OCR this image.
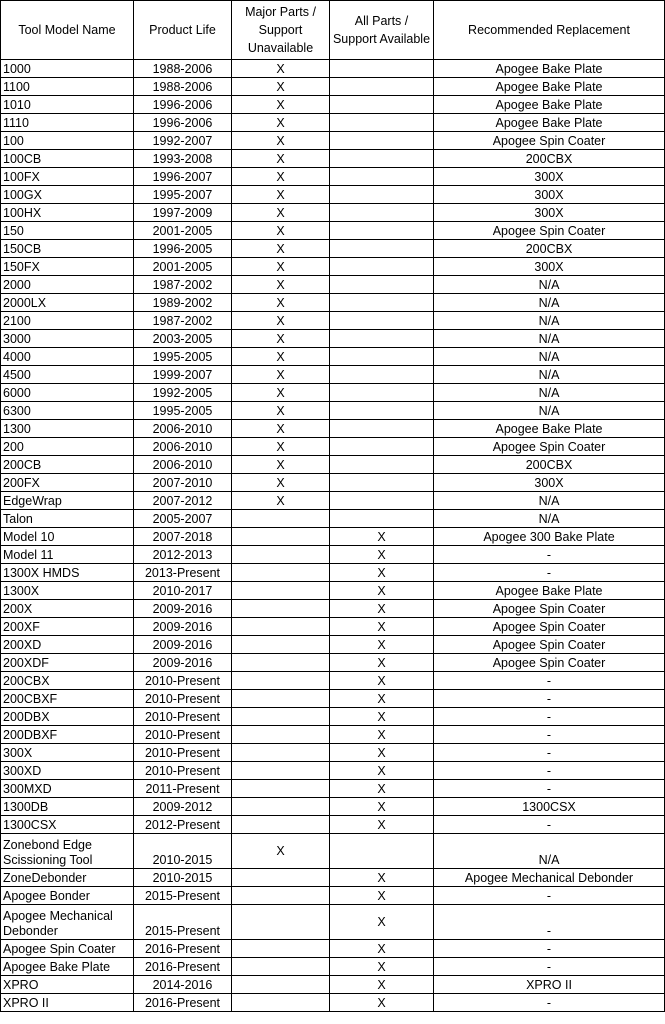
Tool Model Name	Product Life	Major Parts / Support Unavailable	All Parts / Support Available	Recommended Replacement
1000	1988-2006	X		Apogee Bake Plate
1100	1988-2006	X		Apogee Bake Plate
1010	1996-2006	X		Apogee Bake Plate
1110	1996-2006	X		Apogee Bake Plate
100	1992-2007	X		Apogee Spin Coater
100CB	1993-2008	X		200CBX
100FX	1996-2007	X		300X
100GX	1995-2007	X		300X
100HX	1997-2009	X		300X
150	2001-2005	X		Apogee Spin Coater
150CB	1996-2005	X		200CBX
150FX	2001-2005	X		300X
2000	1987-2002	X		N/A
2000LX	1989-2002	X		N/A
2100	1987-2002	X		N/A
3000	2003-2005	X		N/A
4000	1995-2005	X		N/A
4500	1999-2007	X		N/A
6000	1992-2005	X		N/A
6300	1995-2005	X		N/A
1300	2006-2010	X		Apogee Bake Plate
200	2006-2010	X		Apogee Spin Coater
200CB	2006-2010	X		200CBX
200FX	2007-2010	X		300X
EdgeWrap	2007-2012	X		N/A
Talon	2005-2007			N/A
Model 10	2007-2018		X	Apogee 300 Bake Plate
Model 11	2012-2013		X	-
1300X HMDS	2013-Present		X	-
1300X	2010-2017		X	Apogee Bake Plate
200X	2009-2016		X	Apogee Spin Coater
200XF	2009-2016		X	Apogee Spin Coater
200XD	2009-2016		X	Apogee Spin Coater
200XDF	2009-2016		X	Apogee Spin Coater
200CBX	2010-Present		X	-
200CBXF	2010-Present		X	-
200DBX	2010-Present		X	-
200DBXF	2010-Present		X	-
300X	2010-Present		X	-
300XD	2010-Present		X	-
300MXD	2011-Present		X	-
1300DB	2009-2012		X	1300CSX
1300CSX	2012-Present		X	-
Zonebond Edge Scissioning Tool	2010-2015	X		N/A
ZoneDebonder	2010-2015		X	Apogee Mechanical Debonder
Apogee Bonder	2015-Present		X	-
Apogee Mechanical Debonder	2015-Present		X	-
Apogee Spin Coater	2016-Present		X	-
Apogee Bake Plate	2016-Present		X	-
XPRO	2014-2016		X	XPRO II
XPRO II	2016-Present		X	-
